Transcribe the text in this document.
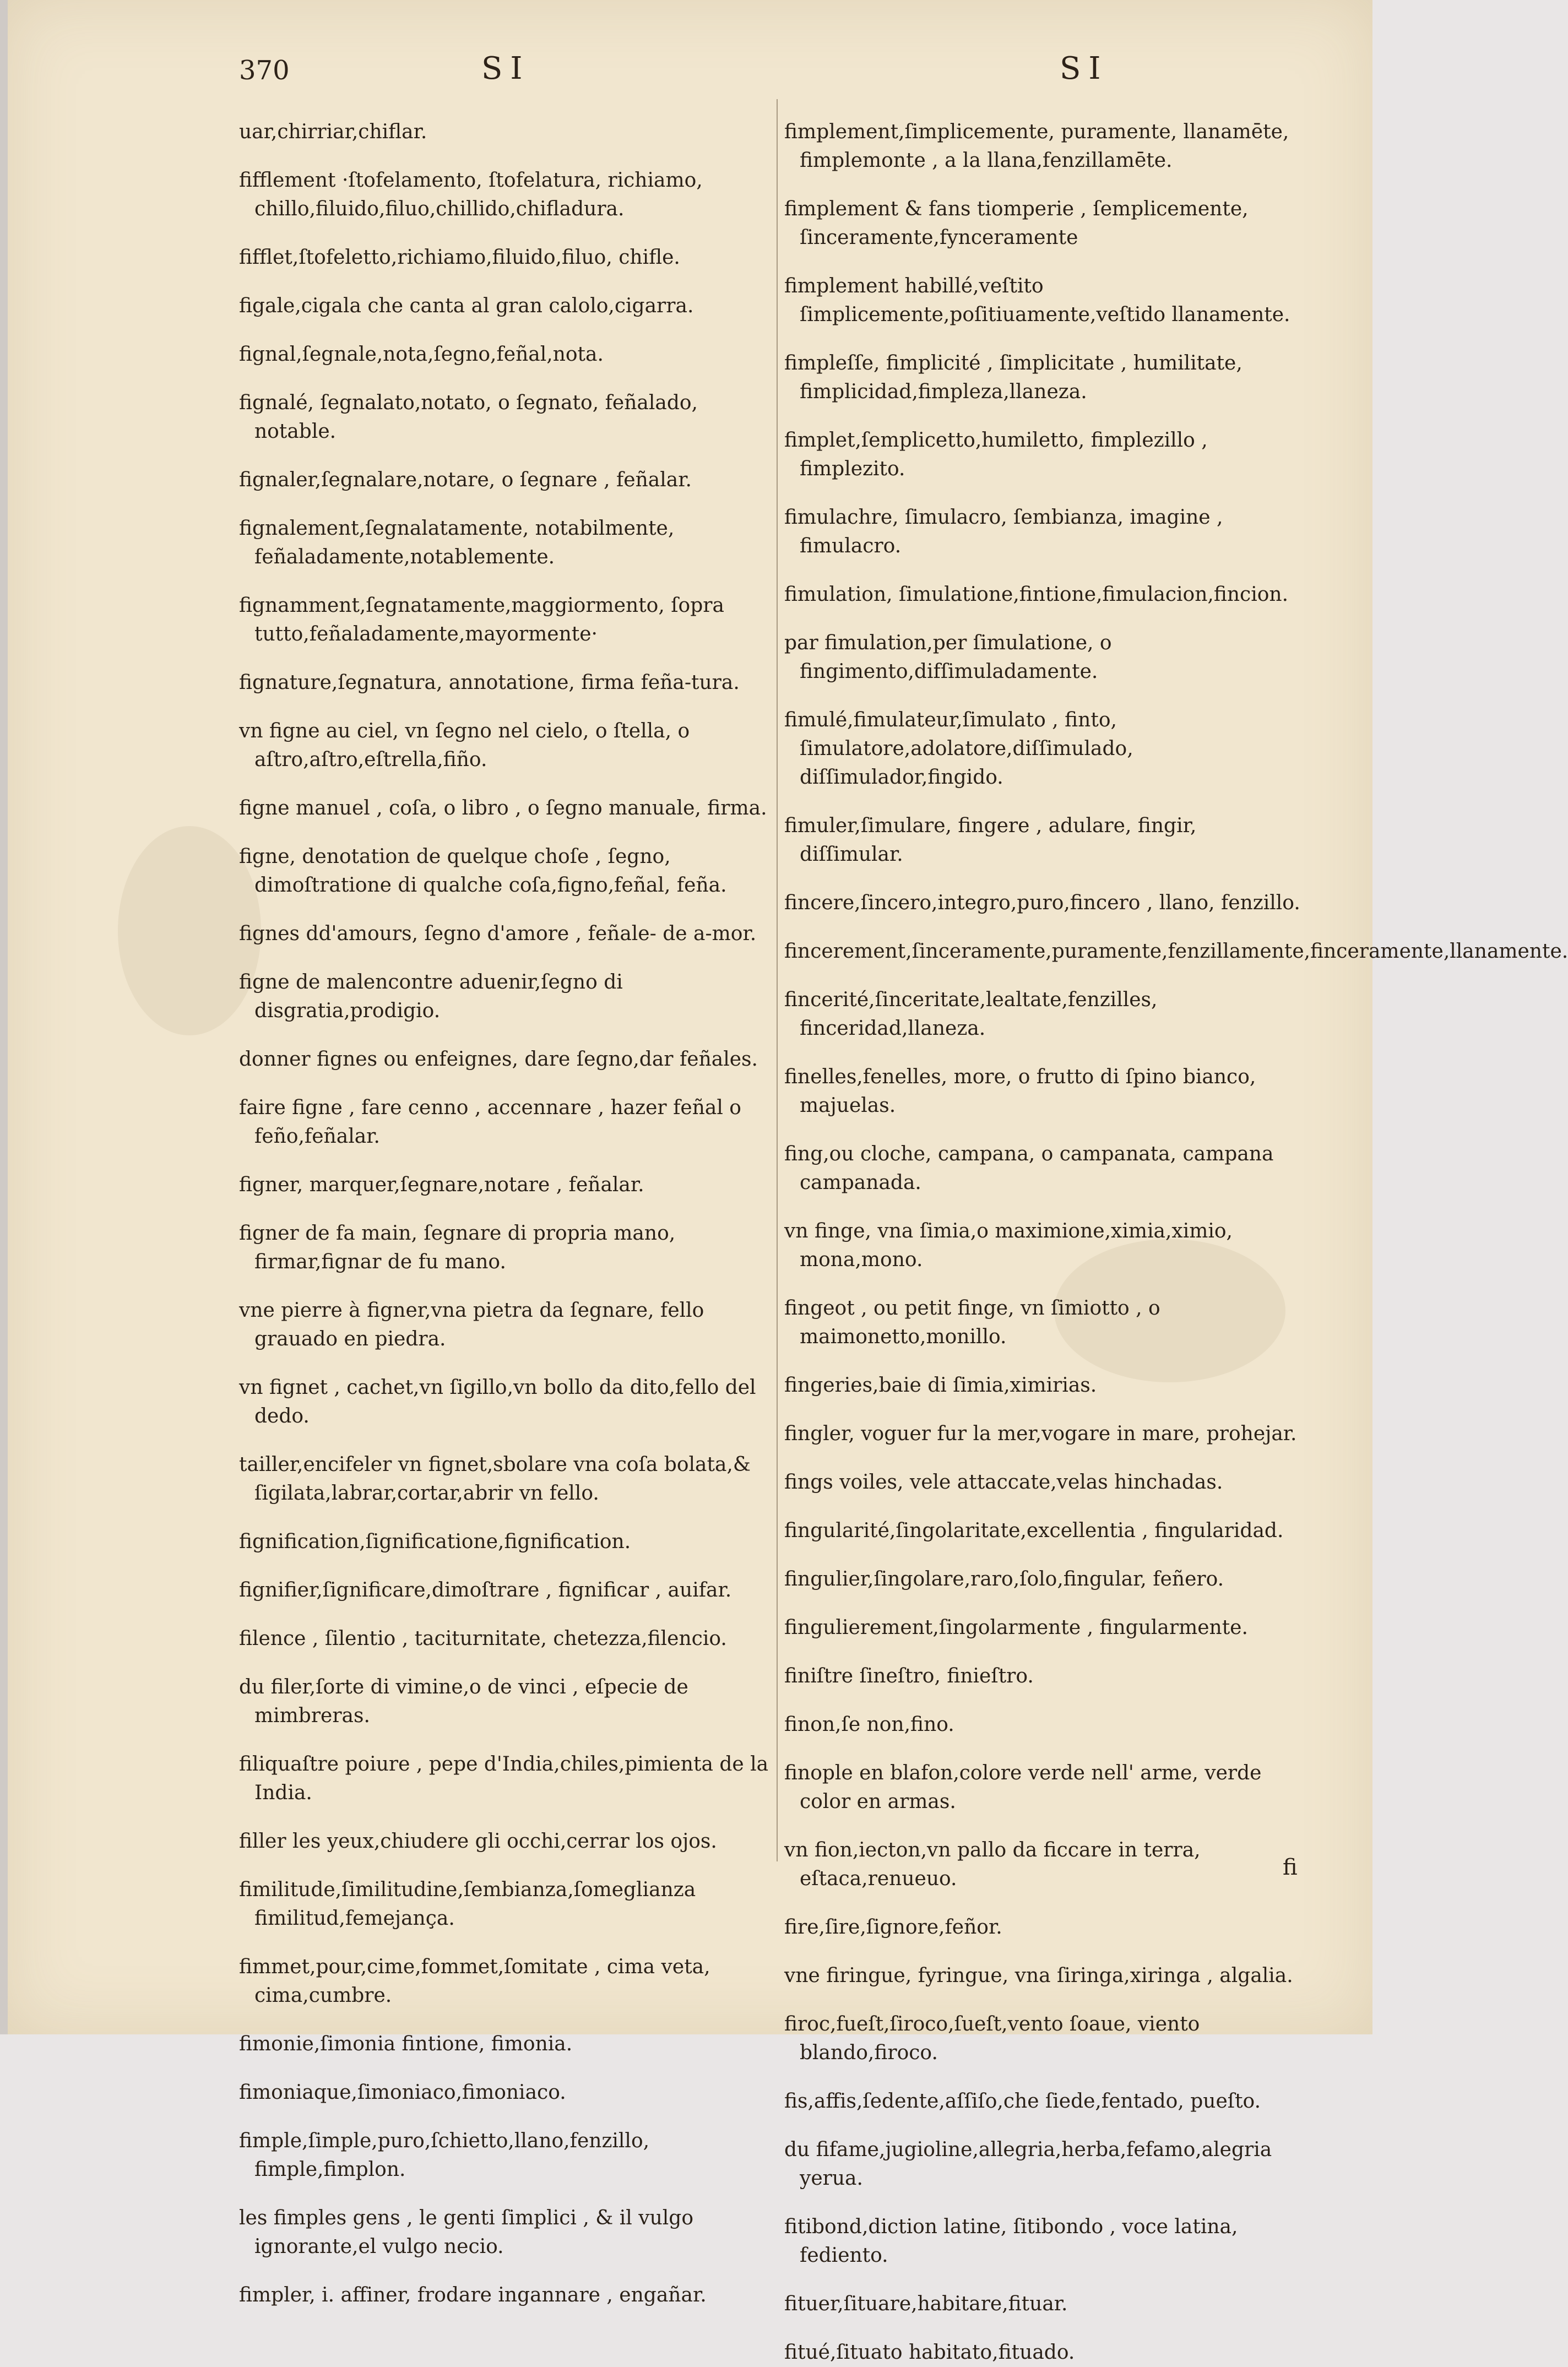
370	SI	SI

uar,chirriar,chiflar.

fifflement ·ſtofelamento, ſtofelatura, richiamo, chillo,filuido,filuo,chillido,chifladura.

fifflet,ſtofeletto,richiamo,filuido,filuo, chifle.

figale,cigala che canta al gran calolo,cigarra.

fignal,ſegnale,nota,ſegno,feñal,nota.

fignalé, ſegnalato,notato, o ſegnato, feñalado, notable.

fignaler,ſegnalare,notare, o ſegnare , feñalar.

fignalement,ſegnalatamente, notabilmente, feñaladamente,notablemente.

fignamment,ſegnatamente,maggiormento, ſopra tutto,feñaladamente,mayormente·

fignature,ſegnatura, annotatione, firma feña-tura.

vn figne au ciel, vn ſegno nel cielo, o ſtella, o aſtro,aſtro,eſtrella,fiño.

figne manuel , coſa, o libro , o ſegno manuale, firma.

figne, denotation de quelque choſe , ſegno, dimoſtratione di qualche coſa,figno,feñal, feña.

fignes dd'amours, ſegno d'amore , feñale- de a-mor.

figne de malencontre aduenir,ſegno di disgratia,prodigio.

donner fignes ou enfeignes, dare ſegno,dar feñales.

faire figne , fare cenno , accennare , hazer feñal o feño,feñalar.

figner, marquer,ſegnare,notare , feñalar.

figner de fa main, ſegnare di propria mano, firmar,fignar de fu mano.

vne pierre à figner,vna pietra da ſegnare, fello grauado en piedra.

vn fignet , cachet,vn ſigillo,vn bollo da dito,fello del dedo.

tailler,encifeler vn fignet,sbolare vna coſa bolata,& ſigilata,labrar,cortar,abrir vn fello.

fignification,ſignificatione,fignification.

fignifier,ſignificare,dimoſtrare , fignificar , auifar.

filence , ſilentio , taciturnitate, chetezza,filencio.

du filer,ſorte di vimine,o de vinci , eſpecie de mimbreras.

filiquaſtre poiure , pepe d'India,chiles,pimienta de la India.

filler les yeux,chiudere gli occhi,cerrar los ojos.

fimilitude,ſimilitudine,ſembianza,ſomeglianza fimilitud,femejança.

fimmet,pour,cime,fommet,ſomitate , cima veta, cima,cumbre.

fimonie,ſimonia fintione, fimonia.

fimoniaque,ſimoniaco,fimoniaco.

fimple,ſimple,puro,ſchietto,llano,fenzillo, fimple,fimplon.

les fimples gens , le genti ſimplici , & il vulgo ignorante,el vulgo necio.

fimpler, i. affiner, frodare ingannare , engañar.

fimplement,ſimplicemente, puramente, llanamēte, fimplemonte , a la llana,fenzillamēte.

fimplement & fans tiomperie , ſemplicemente, ſinceramente,fynceramente

fimplement habillé,veſtito ſimplicemente,poſitiuamente,veſtido llanamente.

fimpleſſe, fimplicité , ſimplicitate , humilitate, fimplicidad,fimpleza,llaneza.

fimplet,ſemplicetto,humiletto, fimplezillo , fimplezito.

fimulachre, ſimulacro, ſembianza, imagine , fimulacro.

fimulation, ſimulatione,fintione,fimulacion,fincion.

par fimulation,per ſimulatione, o fingimento,difſimuladamente.

fimulé,fimulateur,ſimulato , finto, ſimulatore,adolatore,diſſimulado, diſſimulador,fingido.

fimuler,ſimulare, fingere , adulare, fingir, diſſimular.

fincere,ſincero,integro,puro,fincero , llano, fenzillo.

fincerement,ſinceramente,puramente,fenzillamente,finceramente,llanamente.

fincerité,ſinceritate,lealtate,fenzilles, finceridad,llaneza.

finelles,fenelles, more, o frutto di ſpino bianco, majuelas.

fing,ou cloche, campana, o campanata, campana campanada.

vn finge, vna ſimia,o maximione,ximia,ximio, mona,mono.

fingeot , ou petit finge, vn ſimiotto , o maimonetto,monillo.

fingeries,baie di ſimia,ximirias.

fingler, voguer fur la mer,vogare in mare, prohejar.

fings voiles, vele attaccate,velas hinchadas.

fingularité,ſingolaritate,excellentia , fingularidad.

fingulier,ſingolare,raro,ſolo,fingular, feñero.

fingulierement,ſingolarmente , fingularmente.

finiſtre ſineſtro, finieſtro.

finon,ſe non,fino.

finople en blafon,colore verde nell' arme, verde color en armas.

vn fion,iecton,vn pallo da ficcare in terra, eſtaca,renueuo.

fire,ſire,ſignore,feñor.

vne firingue, fyringue, vna ſiringa,xiringa , algalia.

firoc,fueſt,ſiroco,ſueſt,vento ſoaue, viento blando,firoco.

fis,affis,ſedente,aſſiſo,che ſiede,fentado, pueſto.

du fifame,jugioline,allegria,herba,fefamo,alegria yerua.

fitibond,diction latine, ſitibondo , voce latina, fediento.

fituer,ſituare,habitare,fituar.

fitué,ſituato habitato,fituado.

fi
